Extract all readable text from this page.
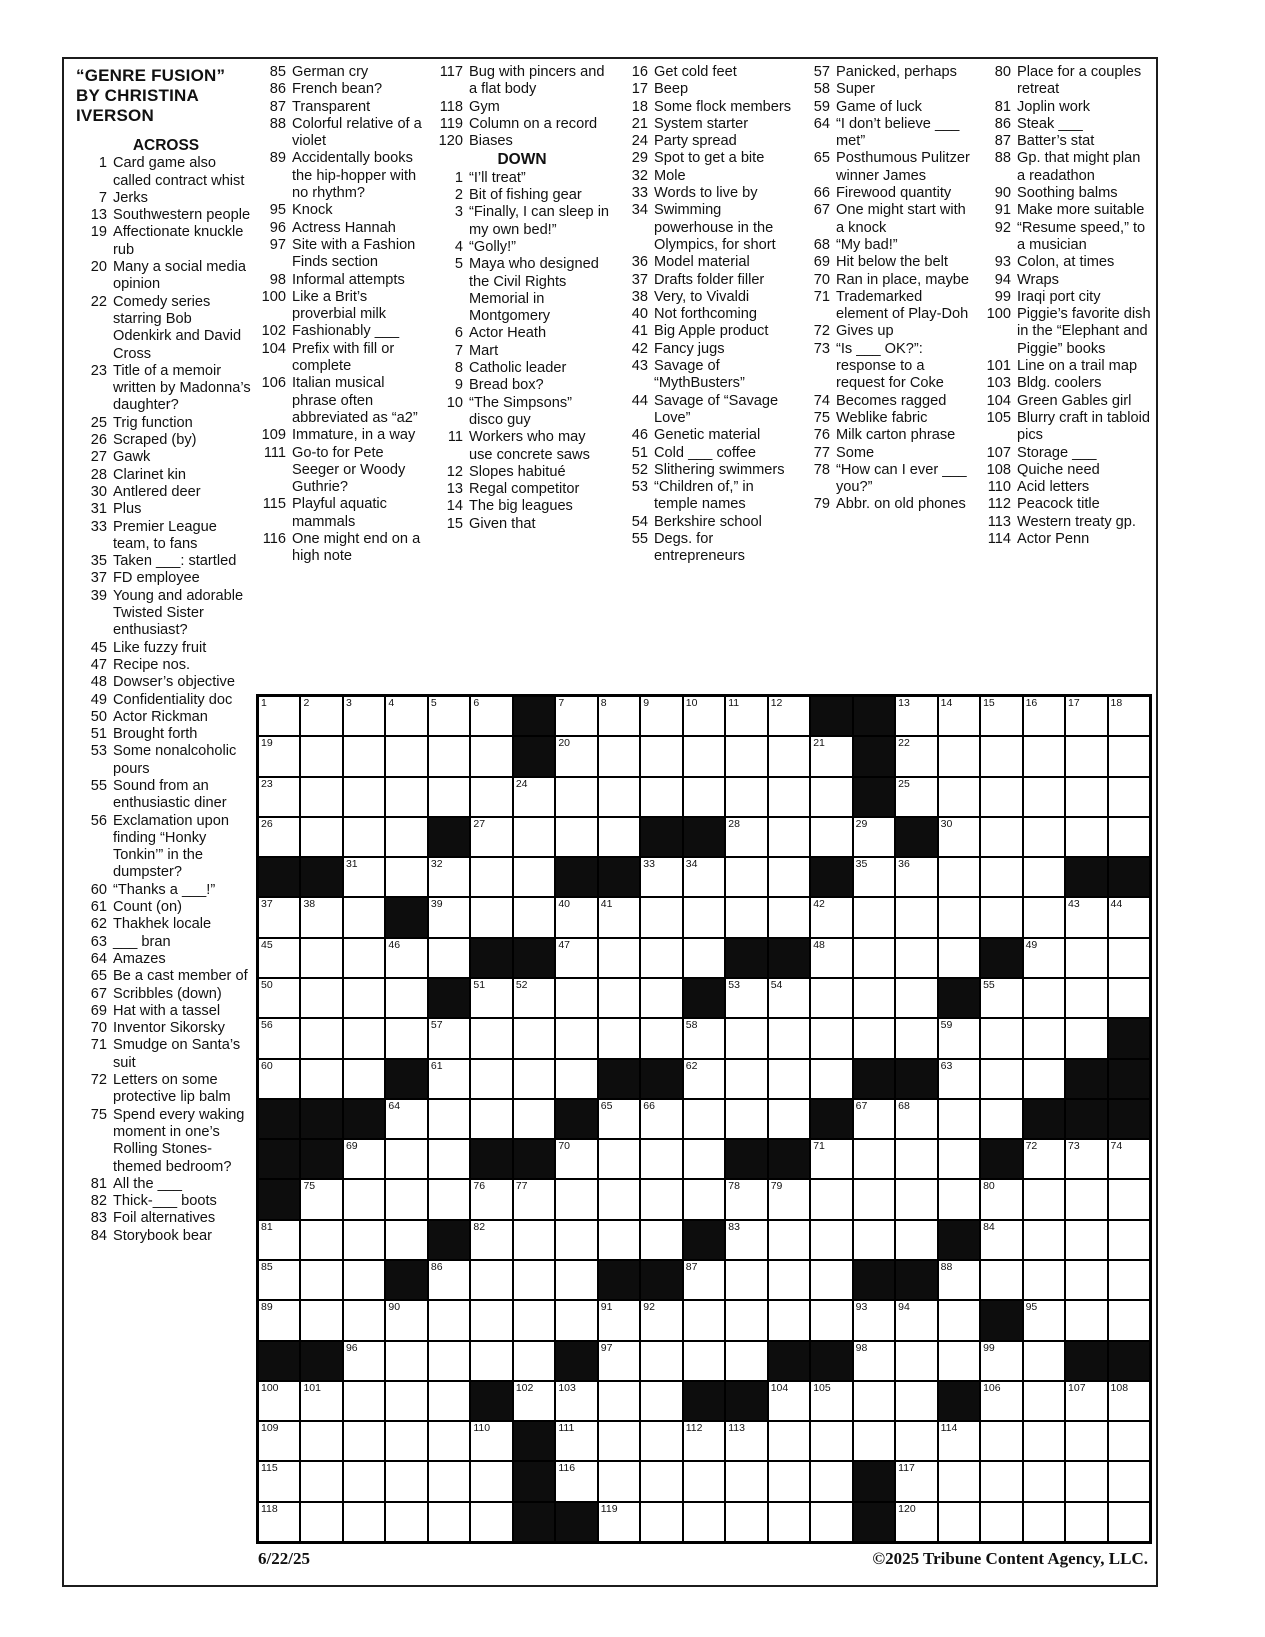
“GENRE FUSION”
BY CHRISTINA
IVERSON
ACROSS
1 Card game also called contract whist
7 Jerks
13 Southwestern people
19 Affectionate knuckle rub
20 Many a social media opinion
22 Comedy series starring Bob Odenkirk and David Cross
23 Title of a memoir written by Madonna’s daughter?
25 Trig function
26 Scraped (by)
27 Gawk
28 Clarinet kin
30 Antlered deer
31 Plus
33 Premier League team, to fans
35 Taken ___: startled
37 FD employee
39 Young and adorable Twisted Sister enthusiast?
45 Like fuzzy fruit
47 Recipe nos.
48 Dowser’s objective
49 Confidentiality doc
50 Actor Rickman
51 Brought forth
53 Some nonalcoholic pours
55 Sound from an enthusiastic diner
56 Exclamation upon finding “Honky Tonkin’” in the dumpster?
60 “Thanks a ___!”
61 Count (on)
62 Thakhek locale
63 ___ bran
64 Amazes
65 Be a cast member of
67 Scribbles (down)
69 Hat with a tassel
70 Inventor Sikorsky
71 Smudge on Santa’s suit
72 Letters on some protective lip balm
75 Spend every waking moment in one’s Rolling Stones-themed bedroom?
81 All the ___
82 Thick-___ boots
83 Foil alternatives
84 Storybook bear
85 German cry
86 French bean?
87 Transparent
88 Colorful relative of a violet
89 Accidentally books the hip-hopper with no rhythm?
95 Knock
96 Actress Hannah
97 Site with a Fashion Finds section
98 Informal attempts
100 Like a Brit’s proverbial milk
102 Fashionably ___
104 Prefix with fill or complete
106 Italian musical phrase often abbreviated as “a2”
109 Immature, in a way
111 Go-to for Pete Seeger or Woody Guthrie?
115 Playful aquatic mammals
116 One might end on a high note
117 Bug with pincers and a flat body
118 Gym
119 Column on a record
120 Biases
DOWN
1 “I’ll treat”
2 Bit of fishing gear
3 “Finally, I can sleep in my own bed!”
4 “Golly!”
5 Maya who designed the Civil Rights Memorial in Montgomery
6 Actor Heath
7 Mart
8 Catholic leader
9 Bread box?
10 “The Simpsons” disco guy
11 Workers who may use concrete saws
12 Slopes habitué
13 Regal competitor
14 The big leagues
15 Given that
16 Get cold feet
17 Beep
18 Some flock members
21 System starter
24 Party spread
29 Spot to get a bite
32 Mole
33 Words to live by
34 Swimming powerhouse in the Olympics, for short
36 Model material
37 Drafts folder filler
38 Very, to Vivaldi
40 Not forthcoming
41 Big Apple product
42 Fancy jugs
43 Savage of “MythBusters”
44 Savage of “Savage Love”
46 Genetic material
51 Cold ___ coffee
52 Slithering swimmers
53 “Children of,” in temple names
54 Berkshire school
55 Degs. for entrepreneurs
57 Panicked, perhaps
58 Super
59 Game of luck
64 “I don’t believe ___ met”
65 Posthumous Pulitzer winner James
66 Firewood quantity
67 One might start with a knock
68 “My bad!”
69 Hit below the belt
70 Ran in place, maybe
71 Trademarked element of Play-Doh
72 Gives up
73 “Is ___ OK?”: response to a request for Coke
74 Becomes ragged
75 Weblike fabric
76 Milk carton phrase
77 Some
78 “How can I ever ___ you?”
79 Abbr. on old phones
80 Place for a couples retreat
81 Joplin work
86 Steak ___
87 Batter’s stat
88 Gp. that might plan a readathon
90 Soothing balms
91 Make more suitable
92 “Resume speed,” to a musician
93 Colon, at times
94 Wraps
99 Iraqi port city
100 Piggie’s favorite dish in the “Elephant and Piggie” books
101 Line on a trail map
103 Bldg. coolers
104 Green Gables girl
105 Blurry craft in tabloid pics
107 Storage ___
108 Quiche need
110 Acid letters
112 Peacock title
113 Western treaty gp.
114 Actor Penn
1	2	3	4	5	6	7	8	9	10	11	12	13	14	15	16	17	18
19	20	21	22
23	24	25
26	27	28	29	30
31	32	33	34	35	36
37	38	39	40	41	42	43	44
45	46	47	48	49
50	51	52	53	54	55
56	57	58	59
60	61	62	63
64	65	66	67	68
69	70	71	72	73	74
75	76	77	78	79	80
81	82	83	84
85	86	87	88
89	90	91	92	93	94	95
96	97	98	99
100 101	102 103	104 105	106	107 108
109	110	111	112 113	114
115	116	117
118	119	120
6/22/25	©2025 Tribune Content Agency, LLC.
